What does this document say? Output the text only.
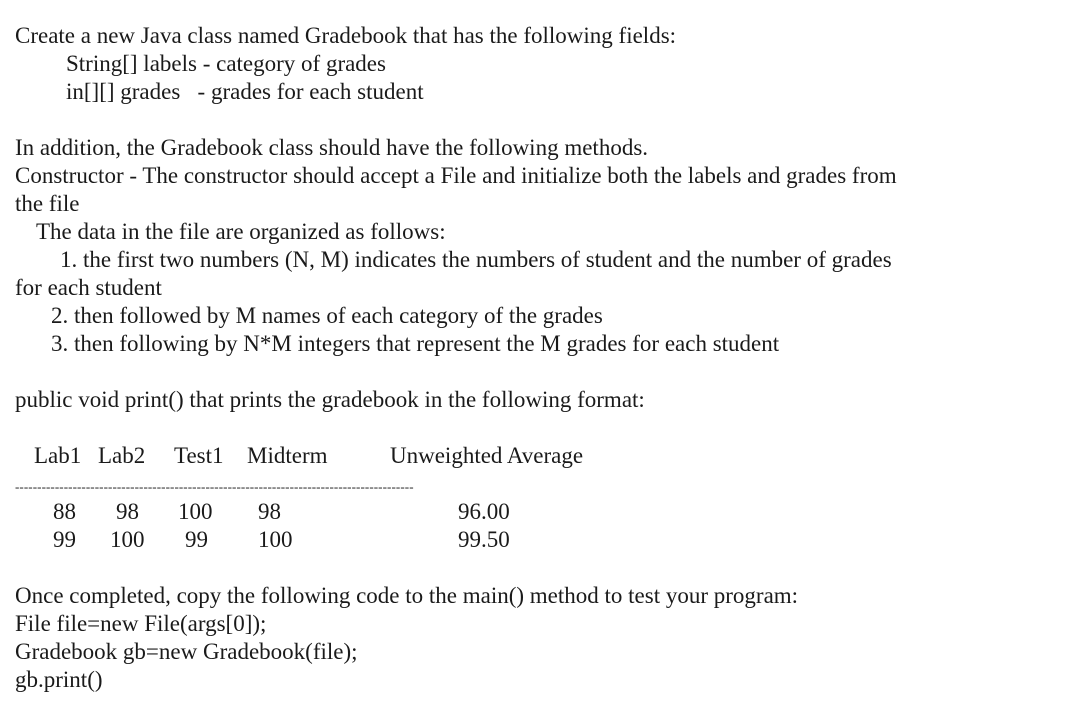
Create a new Java class named Gradebook that has the following fields:
String[] labels - category of grades
in[][] grades   - grades for each student
In addition, the Gradebook class should have the following methods.
Constructor - The constructor should accept a File and initialize both the labels and grades from
the file
The data in the file are organized as follows:
1. the first two numbers (N, M) indicates the numbers of student and the number of grades
for each student
2. then followed by M names of each category of the grades
3. then following by N*M integers that represent the M grades for each student
public void print() that prints the gradebook in the following format:
Lab1 Lab2 Test1 Midterm	Unweighted Average
------------------------------------------------------------------------------------------
88 98 100 98	96.00
99 100 99 100	99.50
Once completed, copy the following code to the main() method to test your program:
File file=new File(args[0]);
Gradebook gb=new Gradebook(file);
gb.print()
